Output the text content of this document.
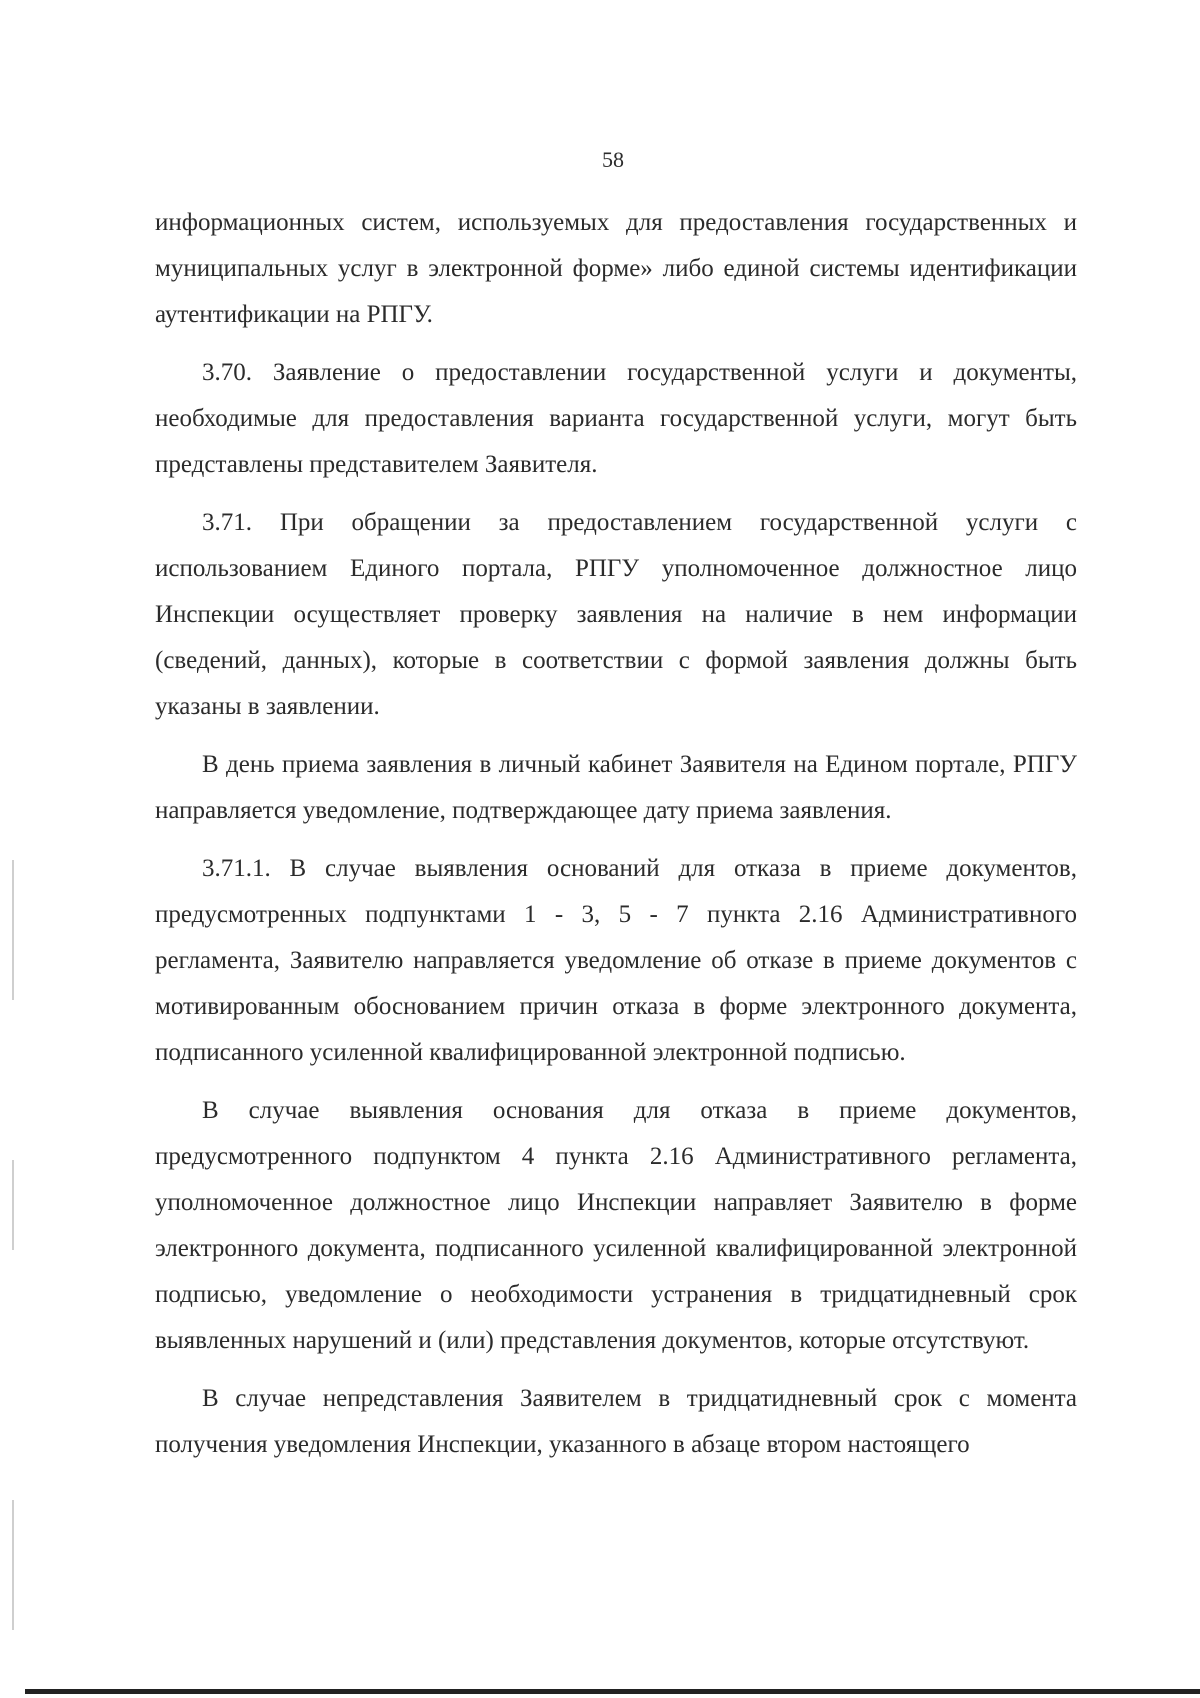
58

информационных систем, используемых для предоставления государственных и муниципальных услуг в электронной форме» либо единой системы идентификации аутентификации на РПГУ.

3.70. Заявление о предоставлении государственной услуги и документы, необходимые для предоставления варианта государственной услуги, могут быть представлены представителем Заявителя.

3.71. При обращении за предоставлением государственной услуги с использованием Единого портала, РПГУ уполномоченное должностное лицо Инспекции осуществляет проверку заявления на наличие в нем информации (сведений, данных), которые в соответствии с формой заявления должны быть указаны в заявлении.

В день приема заявления в личный кабинет Заявителя на Едином портале, РПГУ направляется уведомление, подтверждающее дату приема заявления.

3.71.1. В случае выявления оснований для отказа в приеме документов, предусмотренных подпунктами 1 - 3, 5 - 7 пункта 2.16 Административного регламента, Заявителю направляется уведомление об отказе в приеме документов с мотивированным обоснованием причин отказа в форме электронного документа, подписанного усиленной квалифицированной электронной подписью.

В случае выявления основания для отказа в приеме документов, предусмотренного подпунктом 4 пункта 2.16 Административного регламента, уполномоченное должностное лицо Инспекции направляет Заявителю в форме электронного документа, подписанного усиленной квалифицированной электронной подписью, уведомление о необходимости устранения в тридцатидневный срок выявленных нарушений и (или) представления документов, которые отсутствуют.

В случае непредставления Заявителем в тридцатидневный срок с момента получения уведомления Инспекции, указанного в абзаце втором настоящего
